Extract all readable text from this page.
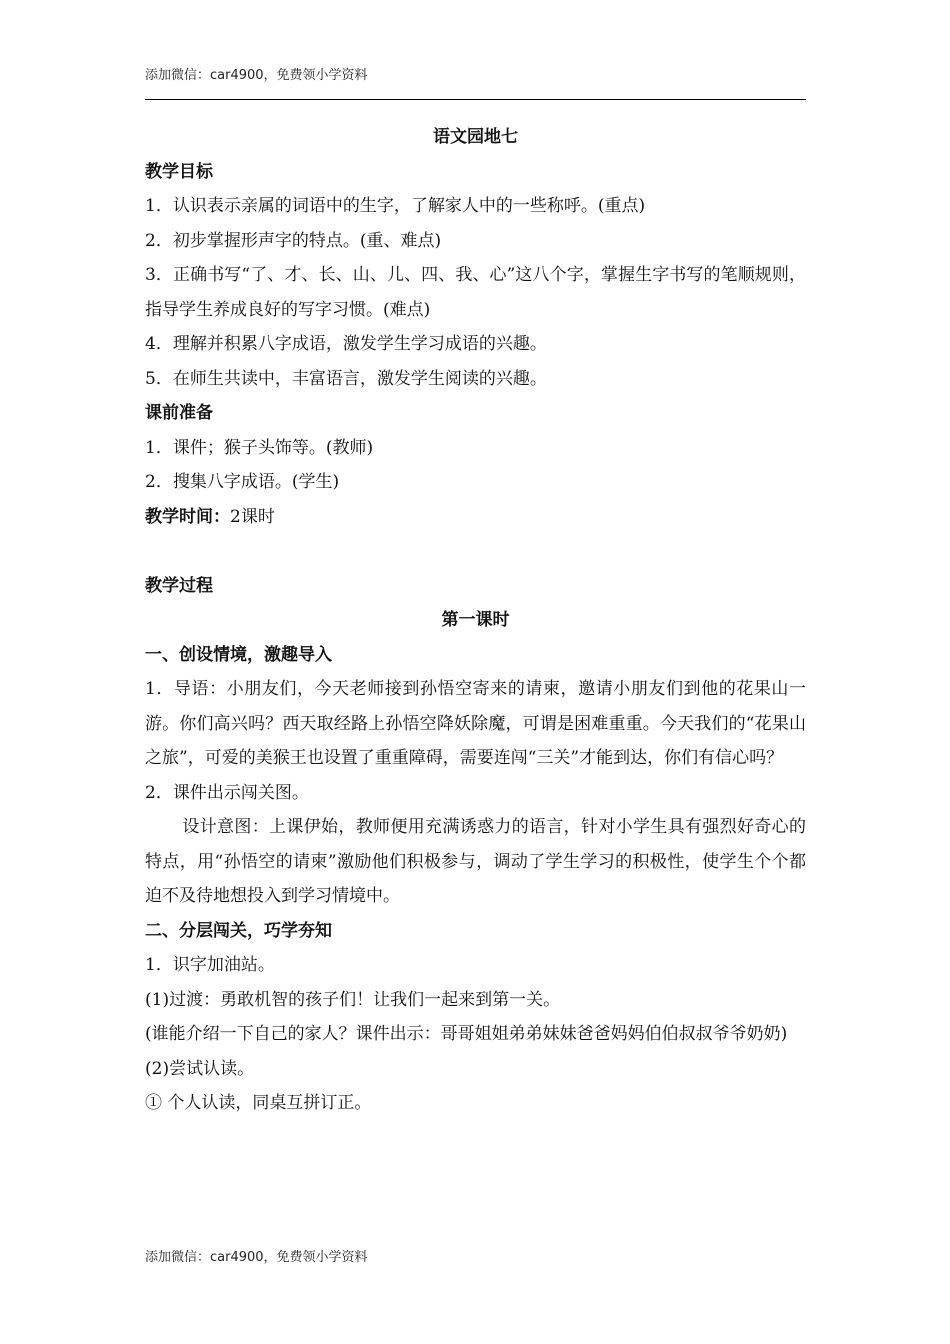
添加微信：car4900，免费领小学资料

语文园地七

教学目标

1．认识表示亲属的词语中的生字，了解家人中的一些称呼。(重点)

2．初步掌握形声字的特点。(重、难点)

3．正确书写“了、才、长、山、儿、四、我、心”这八个字，掌握生字书写的笔顺规则，指导学生养成良好的写字习惯。(难点)

4．理解并积累八字成语，激发学生学习成语的兴趣。

5．在师生共读中，丰富语言，激发学生阅读的兴趣。

课前准备

1．课件；猴子头饰等。(教师)

2．搜集八字成语。(学生)

教学时间：2课时

教学过程

第一课时

一、创设情境，激趣导入

1．导语：小朋友们，今天老师接到孙悟空寄来的请柬，邀请小朋友们到他的花果山一游。你们高兴吗？西天取经路上孙悟空降妖除魔，可谓是困难重重。今天我们的“花果山之旅”，可爱的美猴王也设置了重重障碍，需要连闯“三关”才能到达，你们有信心吗？

2．课件出示闯关图。

设计意图：上课伊始，教师便用充满诱惑力的语言，针对小学生具有强烈好奇心的特点，用“孙悟空的请柬”激励他们积极参与，调动了学生学习的积极性，使学生个个都迫不及待地想投入到学习情境中。

二、分层闯关，巧学夯知

1．识字加油站。

(1)过渡：勇敢机智的孩子们！让我们一起来到第一关。

(谁能介绍一下自己的家人？课件出示：哥哥姐姐弟弟妹妹爸爸妈妈伯伯叔叔爷爷奶奶)

(2)尝试认读。

① 个人认读，同桌互拼订正。

添加微信：car4900，免费领小学资料
